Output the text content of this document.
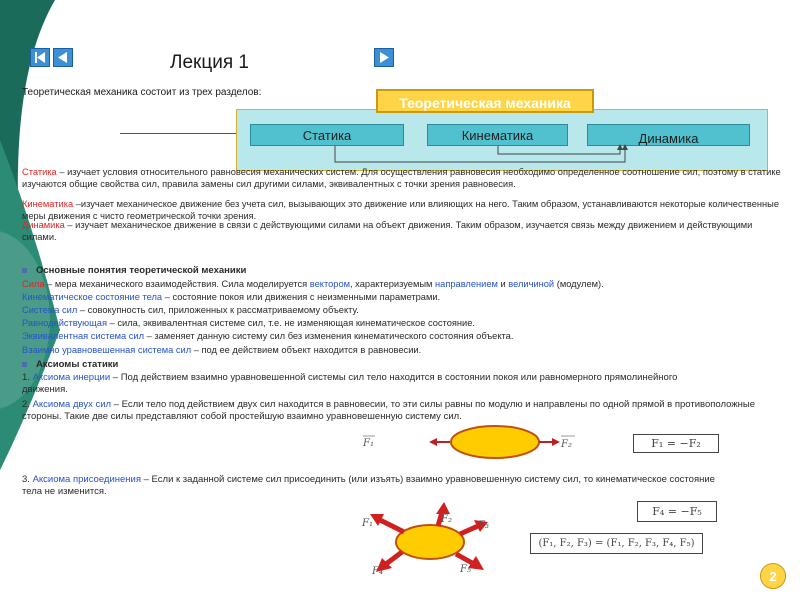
Лекция 1
Теоретическая механика состоит из трех разделов:
Теоретическая механика
Статика	Кинематика	Динамика
Статика – изучает условия относительного равновесия механических систем. Для осуществления равновесия необходимо определенное соотношение сил, поэтому в статике изучаются общие свойства сил, правила замены сил другими силами, эквивалентных с точки зрения равновесия.
Кинематика –изучает механическое движение без учета сил, вызывающих это движение или влияющих на него. Таким образом, устанавливаются некоторые количественные меры движения с чисто геометрической точки зрения.
Динамика – изучает механическое движение в связи с действующими силами на объект движения. Таким образом, изучается связь между движением и действующими силами.
Основные понятия теоретической механики
Сила – мера механического взаимодействия. Сила моделируется вектором, характеризуемым направлением и величиной (модулем).
Кинематическое состояние тела – состояние покоя или движения с неизменными параметрами.
Система сил – совокупность сил, приложенных к рассматриваемому объекту.
Равнодействующая – сила, эквивалентная системе сил, т.е. не изменяющая кинематическое состояние.
Эквивалентная система сил – заменяет данную систему сил без изменения кинематического состояния объекта.
Взаимно уравновешенная система сил – под ее действием объект находится в равновесии.
Аксиомы статики
1. Аксиома инерции – Под действием взаимно уравновешенной системы сил тело находится в состоянии покоя или равномерного прямолинейного движения.
2. Аксиома двух сил – Если тело под действием двух сил находится в равновесии, то эти силы равны по модулю и направлены по одной прямой в противоположные стороны. Такие две силы представляют собой простейшую взаимно уравновешенную систему сил.
F₁	F₂	F₁ = −F₂
3. Аксиома присоединения – Если к заданной системе сил присоединить (или изъять) взаимно уравновешенную систему сил, то кинематическое состояние тела не изменится.
F₁	F₂
F₃
F₄	F₅
F₄ = −F₅
(F₁, F₂, F₃) = (F₁, F₂, F₃, F₄, F₅)
2
